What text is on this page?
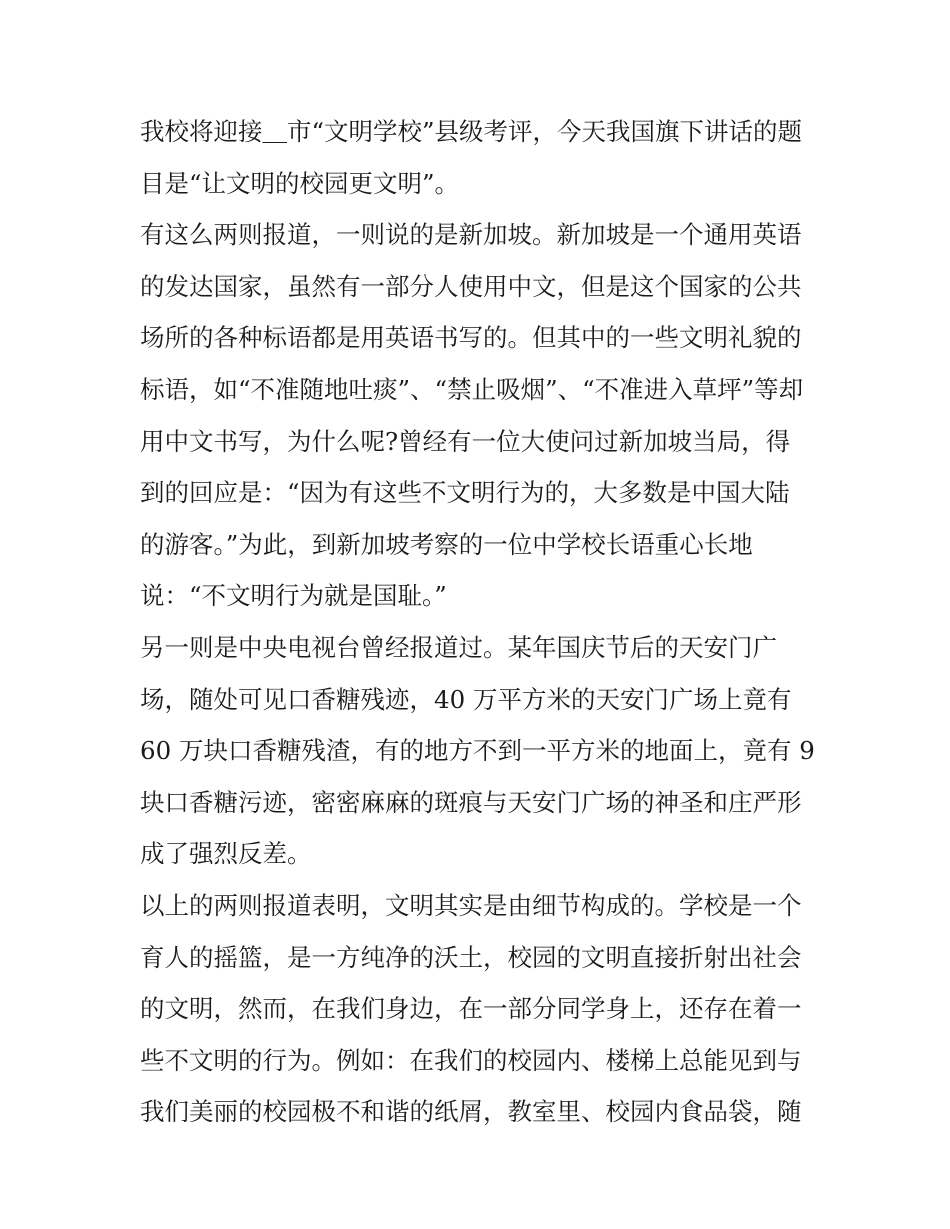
我校将迎接＿市“文明学校”县级考评，今天我国旗下讲话的题
目是“让文明的校园更文明”。
有这么两则报道，一则说的是新加坡。新加坡是一个通用英语
的发达国家，虽然有一部分人使用中文，但是这个国家的公共
场所的各种标语都是用英语书写的。但其中的一些文明礼貌的
标语，如“不准随地吐痰”、“禁止吸烟”、“不准进入草坪”等却
用中文书写，为什么呢?曾经有一位大使问过新加坡当局，得
到的回应是：“因为有这些不文明行为的，大多数是中国大陆
的游客。”为此，到新加坡考察的一位中学校长语重心长地
说：“不文明行为就是国耻。”
另一则是中央电视台曾经报道过。某年国庆节后的天安门广
场，随处可见口香糖残迹，40 万平方米的天安门广场上竟有
60 万块口香糖残渣，有的地方不到一平方米的地面上，竟有 9
块口香糖污迹，密密麻麻的斑痕与天安门广场的神圣和庄严形
成了强烈反差。
以上的两则报道表明，文明其实是由细节构成的。学校是一个
育人的摇篮，是一方纯净的沃土，校园的文明直接折射出社会
的文明，然而，在我们身边，在一部分同学身上，还存在着一
些不文明的行为。例如：在我们的校园内、楼梯上总能见到与
我们美丽的校园极不和谐的纸屑，教室里、校园内食品袋，随
